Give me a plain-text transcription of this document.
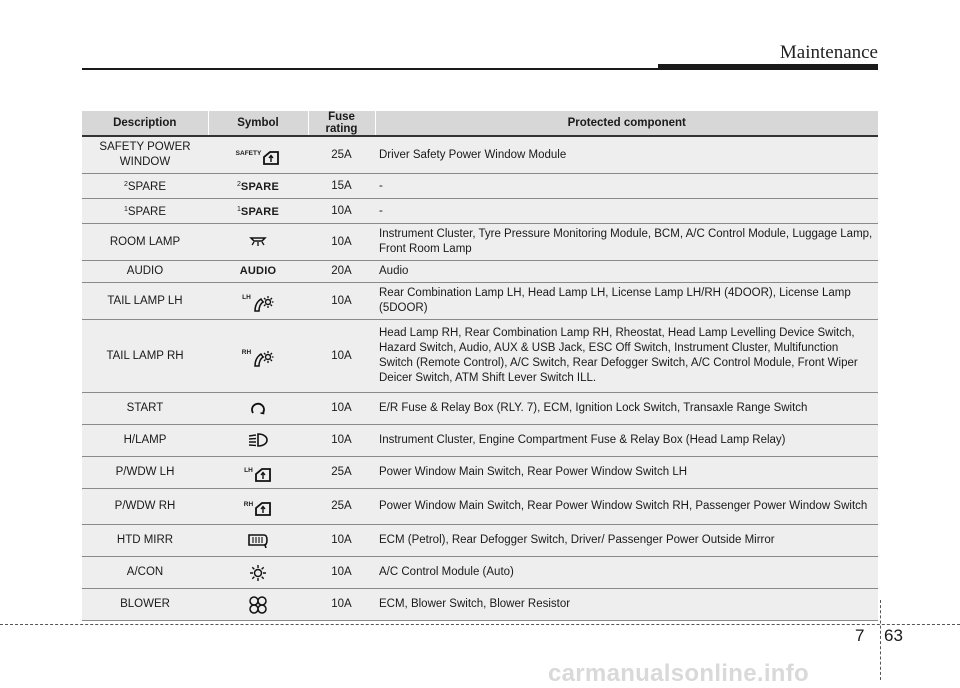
Maintenance
Description	Symbol	Fuse rating	Protected component
SAFETY POWER WINDOW	SAFETY	25A	Driver Safety Power Window Module
$^2$SPARE	$^2$SPARE	15A	-
$^1$SPARE	$^1$SPARE	10A	-
ROOM LAMP		10A	Instrument Cluster, Tyre Pressure Monitoring Module, BCM, A/C Control Module, Luggage Lamp, Front Room Lamp
AUDIO	AUDIO	20A	Audio
TAIL LAMP LH	LH	10A	Rear Combination Lamp LH, Head Lamp LH, License Lamp LH/RH (4DOOR), License Lamp (5DOOR)
TAIL LAMP RH	RH	10A	Head Lamp RH, Rear Combination Lamp RH, Rheostat, Head Lamp Levelling Device Switch, Hazard Switch, Audio, AUX & USB Jack, ESC Off Switch, Instrument Cluster, Multifunction Switch (Remote Control), A/C Switch, Rear Defogger Switch, A/C Control Module, Front Wiper Deicer Switch, ATM Shift Lever Switch ILL.
START		10A	E/R Fuse & Relay Box (RLY. 7), ECM, Ignition Lock Switch, Transaxle Range Switch
H/LAMP		10A	Instrument Cluster, Engine Compartment Fuse & Relay Box (Head Lamp Relay)
P/WDW LH	LH	25A	Power Window Main Switch, Rear Power Window Switch LH
P/WDW RH	RH	25A	Power Window Main Switch, Rear Power Window Switch RH, Passenger Power Window Switch
HTD MIRR		10A	ECM (Petrol), Rear Defogger Switch, Driver/ Passenger Power Outside Mirror
A/CON		10A	A/C Control Module (Auto)
BLOWER		10A	ECM, Blower Switch, Blower Resistor
7 63
carmanualsonline.info
